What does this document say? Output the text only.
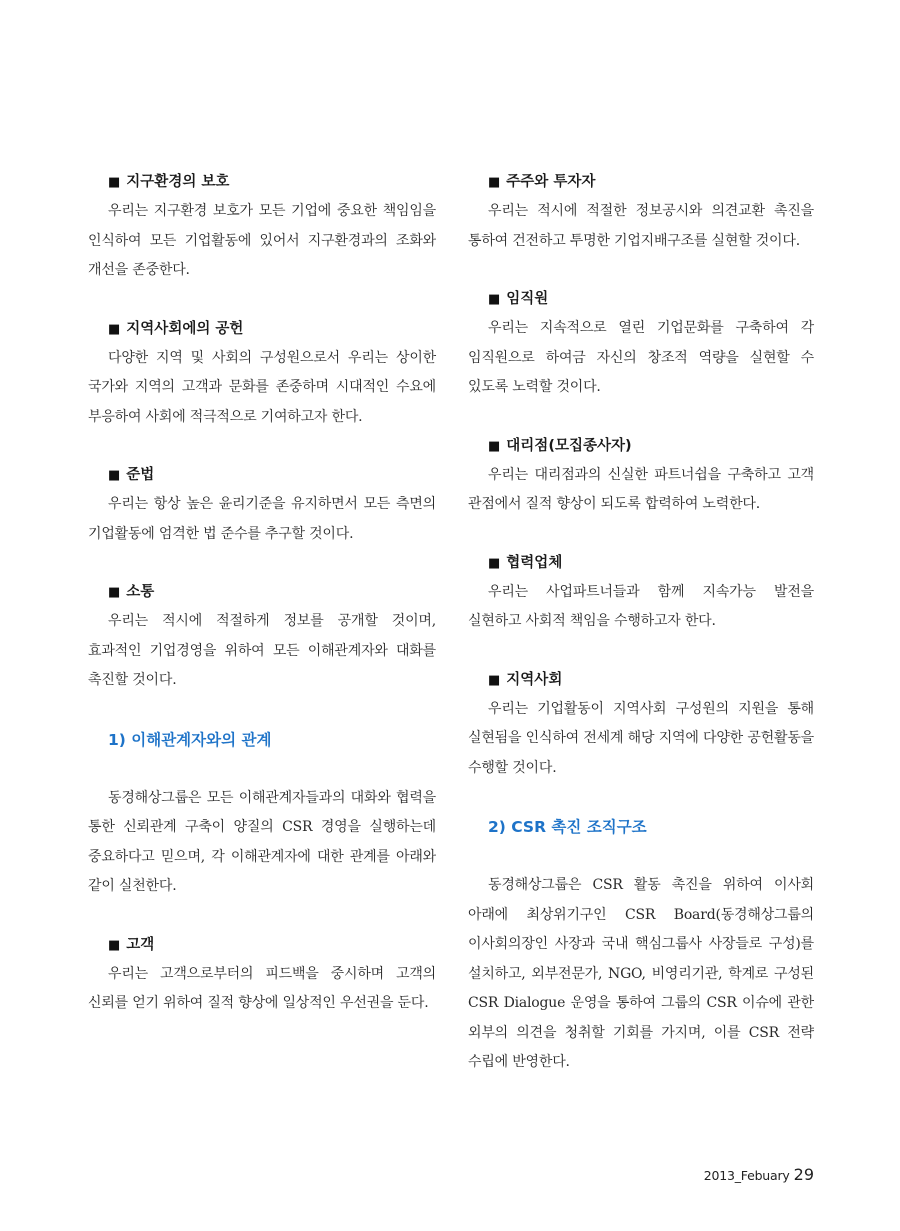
■ 지구환경의 보호

우리는 지구환경 보호가 모든 기업에 중요한 책임임을 인식하여 모든 기업활동에 있어서 지구환경과의 조화와 개선을 존중한다.

■ 지역사회에의 공헌

다양한 지역 및 사회의 구성원으로서 우리는 상이한 국가와 지역의 고객과 문화를 존중하며 시대적인 수요에 부응하여 사회에 적극적으로 기여하고자 한다.

■ 준법

우리는 항상 높은 윤리기준을 유지하면서 모든 측면의 기업활동에 엄격한 법 준수를 추구할 것이다.

■ 소통

우리는 적시에 적절하게 정보를 공개할 것이며, 효과적인 기업경영을 위하여 모든 이해관계자와 대화를 촉진할 것이다.

1) 이해관계자와의 관계

동경해상그룹은 모든 이해관계자들과의 대화와 협력을 통한 신뢰관계 구축이 양질의 CSR 경영을 실행하는데 중요하다고 믿으며, 각 이해관계자에 대한 관계를 아래와 같이 실천한다.

■ 고객

우리는 고객으로부터의 피드백을 중시하며 고객의 신뢰를 얻기 위하여 질적 향상에 일상적인 우선권을 둔다.

■ 주주와 투자자

우리는 적시에 적절한 정보공시와 의견교환 촉진을 통하여 건전하고 투명한 기업지배구조를 실현할 것이다.

■ 임직원

우리는 지속적으로 열린 기업문화를 구축하여 각 임직원으로 하여금 자신의 창조적 역량을 실현할 수 있도록 노력할 것이다.

■ 대리점(모집종사자)

우리는 대리점과의 신실한 파트너쉽을 구축하고 고객 관점에서 질적 향상이 되도록 합력하여 노력한다.

■ 협력업체

우리는 사업파트너들과 함께 지속가능 발전을 실현하고 사회적 책임을 수행하고자 한다.

■ 지역사회

우리는 기업활동이 지역사회 구성원의 지원을 통해 실현됨을 인식하여 전세계 해당 지역에 다양한 공헌활동을 수행할 것이다.

2) CSR 촉진 조직구조

동경해상그룹은 CSR 활동 촉진을 위하여 이사회 아래에 최상위기구인 CSR Board(동경해상그룹의 이사회의장인 사장과 국내 핵심그룹사 사장들로 구성)를 설치하고, 외부전문가, NGO, 비영리기관, 학계로 구성된 CSR Dialogue 운영을 통하여 그룹의 CSR 이슈에 관한 외부의 의견을 청취할 기회를 가지며, 이를 CSR 전략 수립에 반영한다.

2013_Febuary 29
